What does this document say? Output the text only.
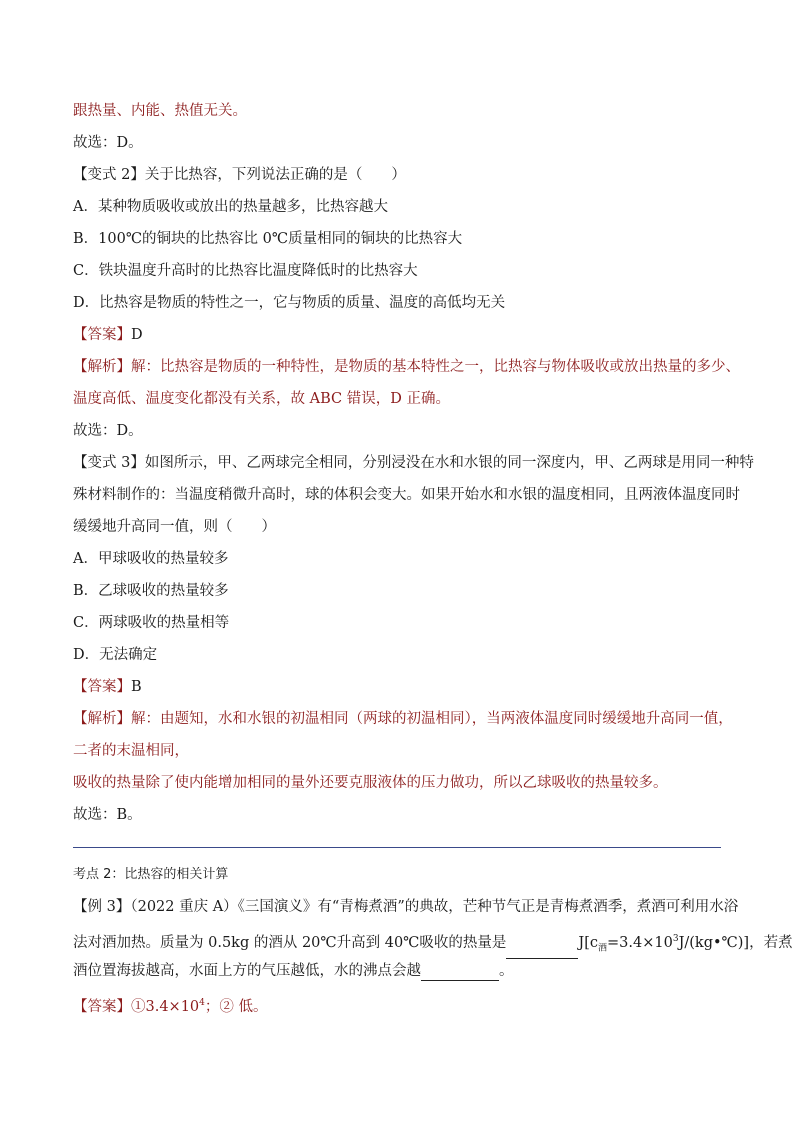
跟热量、内能、热值无关。
故选：D。
【变式 2】关于比热容，下列说法正确的是（　　）
A．某种物质吸收或放出的热量越多，比热容越大
B．100℃的铜块的比热容比 0℃质量相同的铜块的比热容大
C．铁块温度升高时的比热容比温度降低时的比热容大
D．比热容是物质的特性之一，它与物质的质量、温度的高低均无关
【答案】D
【解析】解：比热容是物质的一种特性，是物质的基本特性之一，比热容与物体吸收或放出热量的多少、
温度高低、温度变化都没有关系，故 ABC 错误，D 正确。
故选：D。
【变式 3】如图所示，甲、乙两球完全相同，分别浸没在水和水银的同一深度内，甲、乙两球是用同一种特
殊材料制作的：当温度稍微升高时，球的体积会变大。如果开始水和水银的温度相同，且两液体温度同时
缓缓地升高同一值，则（　　）
A．甲球吸收的热量较多
B．乙球吸收的热量较多
C．两球吸收的热量相等
D．无法确定
【答案】B
【解析】解：由题知，水和水银的初温相同（两球的初温相同），当两液体温度同时缓缓地升高同一值，
二者的末温相同，
吸收的热量除了使内能增加相同的量外还要克服液体的压力做功，所以乙球吸收的热量较多。
故选：B。
考点 2：比热容的相关计算
【例 3】（2022 重庆 A）《三国演义》有“青梅煮酒”的典故，芒种节气正是青梅煮酒季，煮酒可利用水浴
法对酒加热。质量为 0.5kg 的酒从 20℃升高到 40℃吸收的热量是	$J[c_酒=3.4\times 10^3J/(kg•℃)]$，若煮
酒位置海拔越高，水面上方的气压越低，水的沸点会越	。
【答案】$①3.4\times 10^4$；② 低。
